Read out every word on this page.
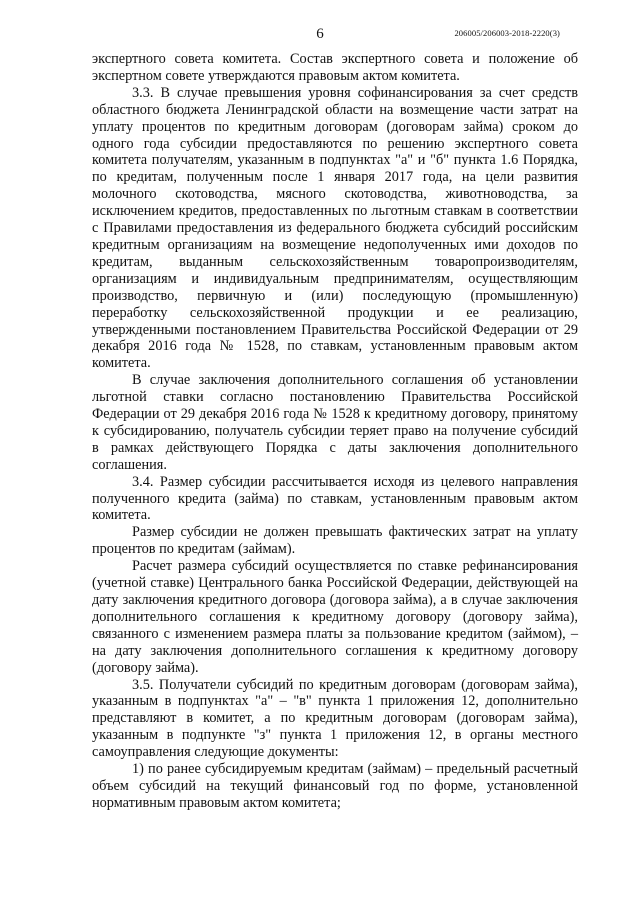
6	206005/206003-2018-2220(3)

экспертного совета комитета. Состав экспертного совета и положение об экспертном совете утверждаются правовым актом комитета.

3.3. В случае превышения уровня софинансирования за счет средств областного бюджета Ленинградской области на возмещение части затрат на уплату процентов по кредитным договорам (договорам займа) сроком до одного года субсидии предоставляются по решению экспертного совета комитета получателям, указанным в подпунктах "а" и "б" пункта 1.6 Порядка, по кредитам, полученным после 1 января 2017 года, на цели развития молочного скотоводства, мясного скотоводства, животноводства, за исключением кредитов, предоставленных по льготным ставкам в соответствии с Правилами предоставления из федерального бюджета субсидий российским кредитным организациям на возмещение недополученных ими доходов по кредитам, выданным сельскохозяйственным товаропроизводителям, организациям и индивидуальным предпринимателям, осуществляющим производство, первичную и (или) последующую (промышленную) переработку сельскохозяйственной продукции и ее реализацию, утвержденными постановлением Правительства Российской Федерации от 29 декабря 2016 года № 1528, по ставкам, установленным правовым актом комитета.

В случае заключения дополнительного соглашения об установлении льготной ставки согласно постановлению Правительства Российской Федерации от 29 декабря 2016 года № 1528 к кредитному договору, принятому к субсидированию, получатель субсидии теряет право на получение субсидий в рамках действующего Порядка с даты заключения дополнительного соглашения.

3.4. Размер субсидии рассчитывается исходя из целевого направления полученного кредита (займа) по ставкам, установленным правовым актом комитета.

Размер субсидии не должен превышать фактических затрат на уплату процентов по кредитам (займам).

Расчет размера субсидий осуществляется по ставке рефинансирования (учетной ставке) Центрального банка Российской Федерации, действующей на дату заключения кредитного договора (договора займа), а в случае заключения дополнительного соглашения к кредитному договору (договору займа), связанного с изменением размера платы за пользование кредитом (займом), – на дату заключения дополнительного соглашения к кредитному договору (договору займа).

3.5. Получатели субсидий по кредитным договорам (договорам займа), указанным в подпунктах "а" – "в" пункта 1 приложения 12, дополнительно представляют в комитет, а по кредитным договорам (договорам займа), указанным в подпункте "з" пункта 1 приложения 12, в органы местного самоуправления следующие документы:

1) по ранее субсидируемым кредитам (займам) – предельный расчетный объем субсидий на текущий финансовый год по форме, установленной нормативным правовым актом комитета;
